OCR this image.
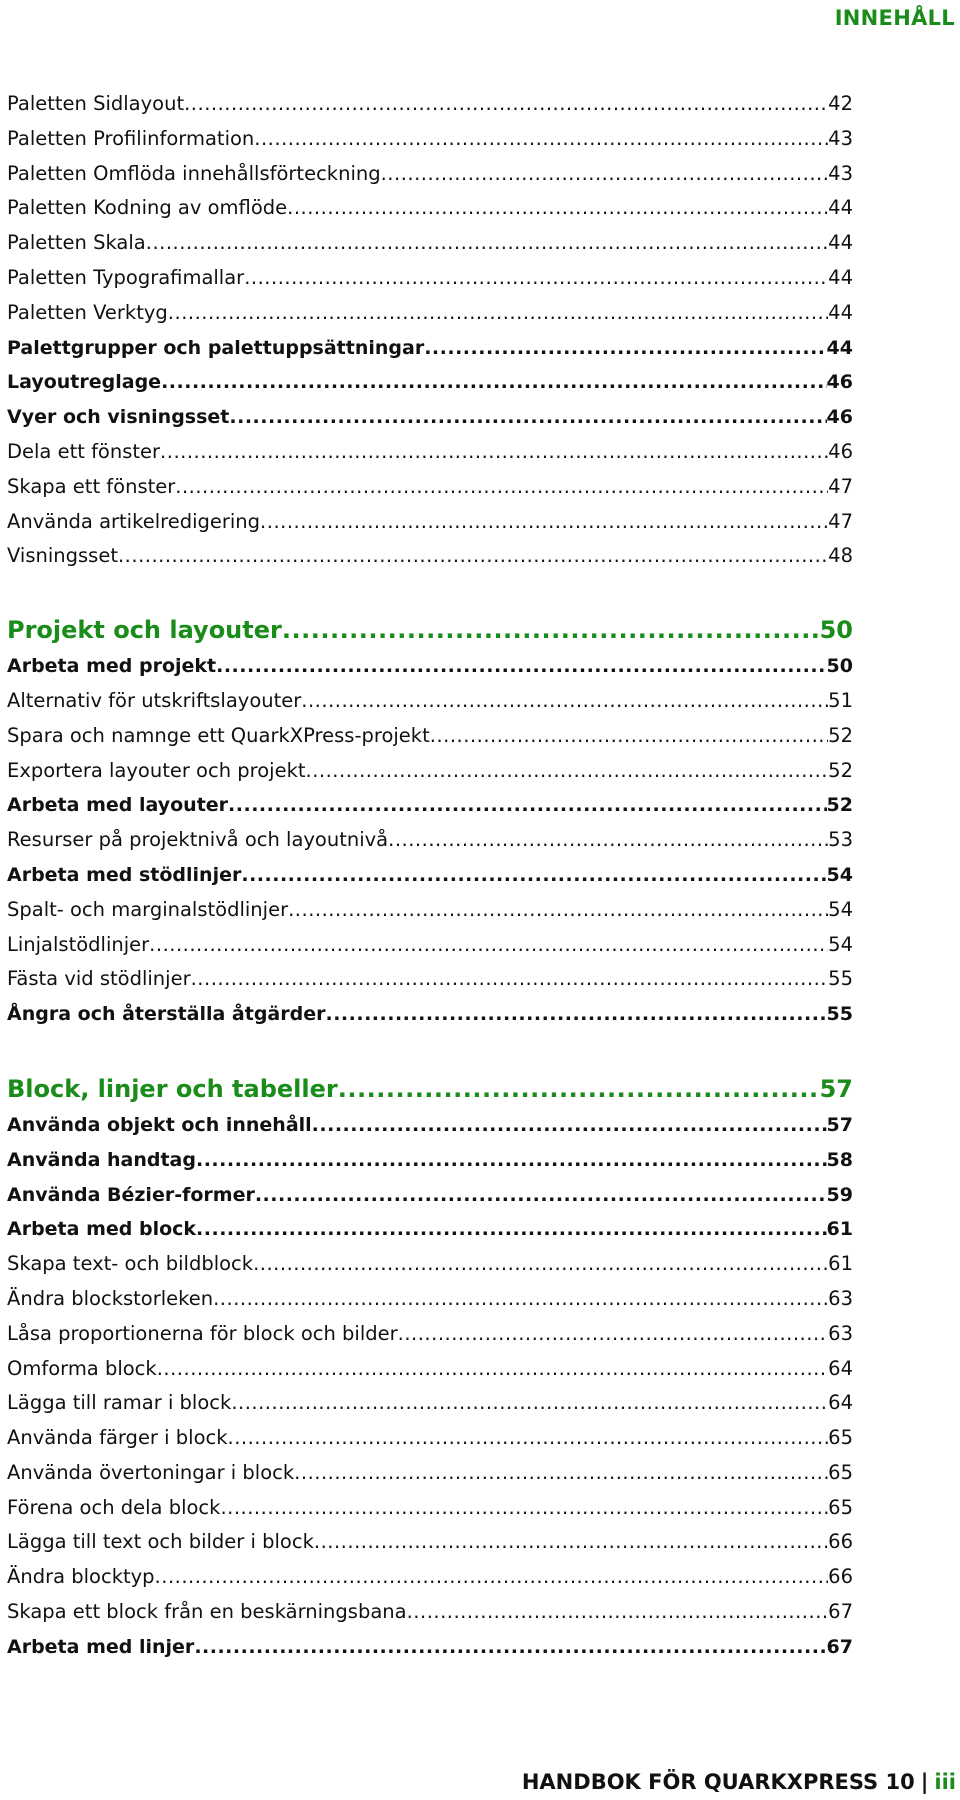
INNEHÅLL
Paletten Sidlayout .....	42
Paletten Profilinformation .....	43
Paletten Omflöda innehållsförteckning .....	43
Paletten Kodning av omflöde .....	44
Paletten Skala .....	44
Paletten Typografimallar .....	44
Paletten Verktyg .....	44
Palettgrupper och palettuppsättningar .....	44
Layoutreglage .....	46
Vyer och visningsset .....	46
Dela ett fönster .....	46
Skapa ett fönster .....	47
Använda artikelredigering .....	47
Visningsset .....	48
Projekt och layouter .....	50
Arbeta med projekt .....	50
Alternativ för utskriftslayouter .....	51
Spara och namnge ett QuarkXPress-projekt .....	52
Exportera layouter och projekt .....	52
Arbeta med layouter .....	52
Resurser på projektnivå och layoutnivå .....	53
Arbeta med stödlinjer .....	54
Spalt- och marginalstödlinjer .....	54
Linjalstödlinjer .....	54
Fästa vid stödlinjer .....	55
Ångra och återställa åtgärder .....	55
Block, linjer och tabeller .....	57
Använda objekt och innehåll .....	57
Använda handtag .....	58
Använda Bézier-former .....	59
Arbeta med block .....	61
Skapa text- och bildblock .....	61
Ändra blockstorleken .....	63
Låsa proportionerna för block och bilder .....	63
Omforma block .....	64
Lägga till ramar i block .....	64
Använda färger i block .....	65
Använda övertoningar i block .....	65
Förena och dela block .....	65
Lägga till text och bilder i block .....	66
Ändra blocktyp .....	66
Skapa ett block från en beskärningsbana .....	67
Arbeta med linjer .....	67
HANDBOK FÖR QUARKXPRESS 10 | iii
